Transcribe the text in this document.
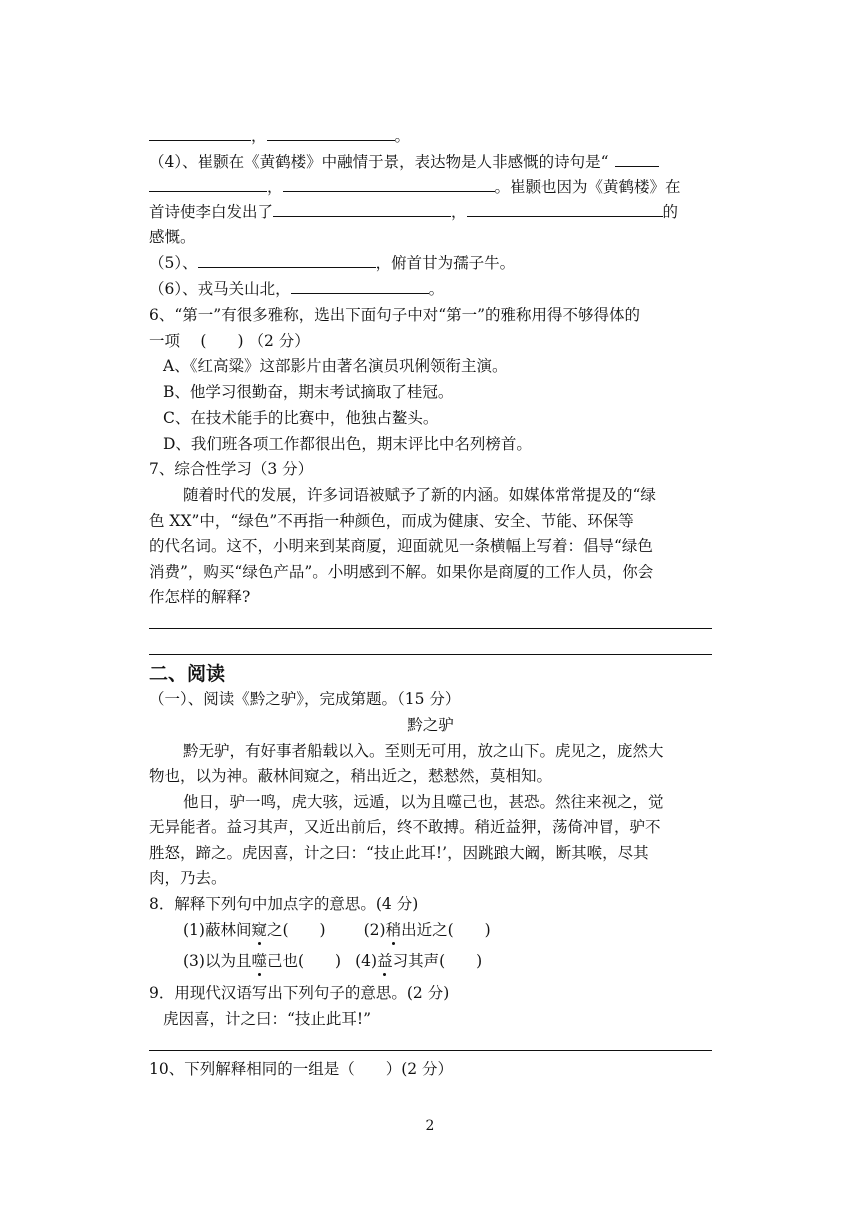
，	。

（4）、崔颢在《黄鹤楼》中融情于景，表达物是人非感慨的诗句是“

，	。崔颢也因为《黄鹤楼》在

首诗使李白发出了	，	的

感慨。

（5）、	，俯首甘为孺子牛。

（6）、戎马关山北，	。

6、“第一”有很多雅称，选出下面句子中对“第一”的雅称用得不够得体的

一项　 (　　) （2 分）

A、《红高粱》这部影片由著名演员巩俐领衔主演。

B、他学习很勤奋，期末考试摘取了桂冠。

C、在技术能手的比赛中，他独占鳌头。

D、我们班各项工作都很出色，期末评比中名列榜首。

7、综合性学习（3 分）

随着时代的发展，许多词语被赋予了新的内涵。如媒体常常提及的“绿

色 XX”中，“绿色”不再指一种颜色，而成为健康、安全、节能、环保等

的代名词。这不，小明来到某商厦，迎面就见一条横幅上写着：倡导“绿色

消费”，购买“绿色产品”。小明感到不解。如果你是商厦的工作人员，你会

作怎样的解释?

二、阅读

（一）、阅读《黔之驴》，完成第题。（15 分）

黔之驴

黔无驴，有好事者船载以入。至则无可用，放之山下。虎见之，庞然大

物也，以为神。蔽林间窥之，稍出近之，慭慭然，莫相知。

他日，驴一鸣，虎大骇，远遁，以为且噬己也，甚恐。然往来视之，觉

无异能者。益习其声，又近出前后，终不敢搏。稍近益狎，荡倚冲冒，驴不

胜怒，蹄之。虎因喜，计之曰：“技止此耳!’，因跳踉大阚，断其喉，尽其

肉，乃去。

8．解释下列句中加点字的意思。(4 分)

(1)蔽林间窥之(　　) (2)稍出近之(　　)

(3)以为且噬己也(　　) (4)益习其声(　　)

9．用现代汉语写出下列句子的意思。(2 分)

虎因喜，计之曰：“技止此耳!”

10、下列解释相同的一组是（　　）(2 分）

2
